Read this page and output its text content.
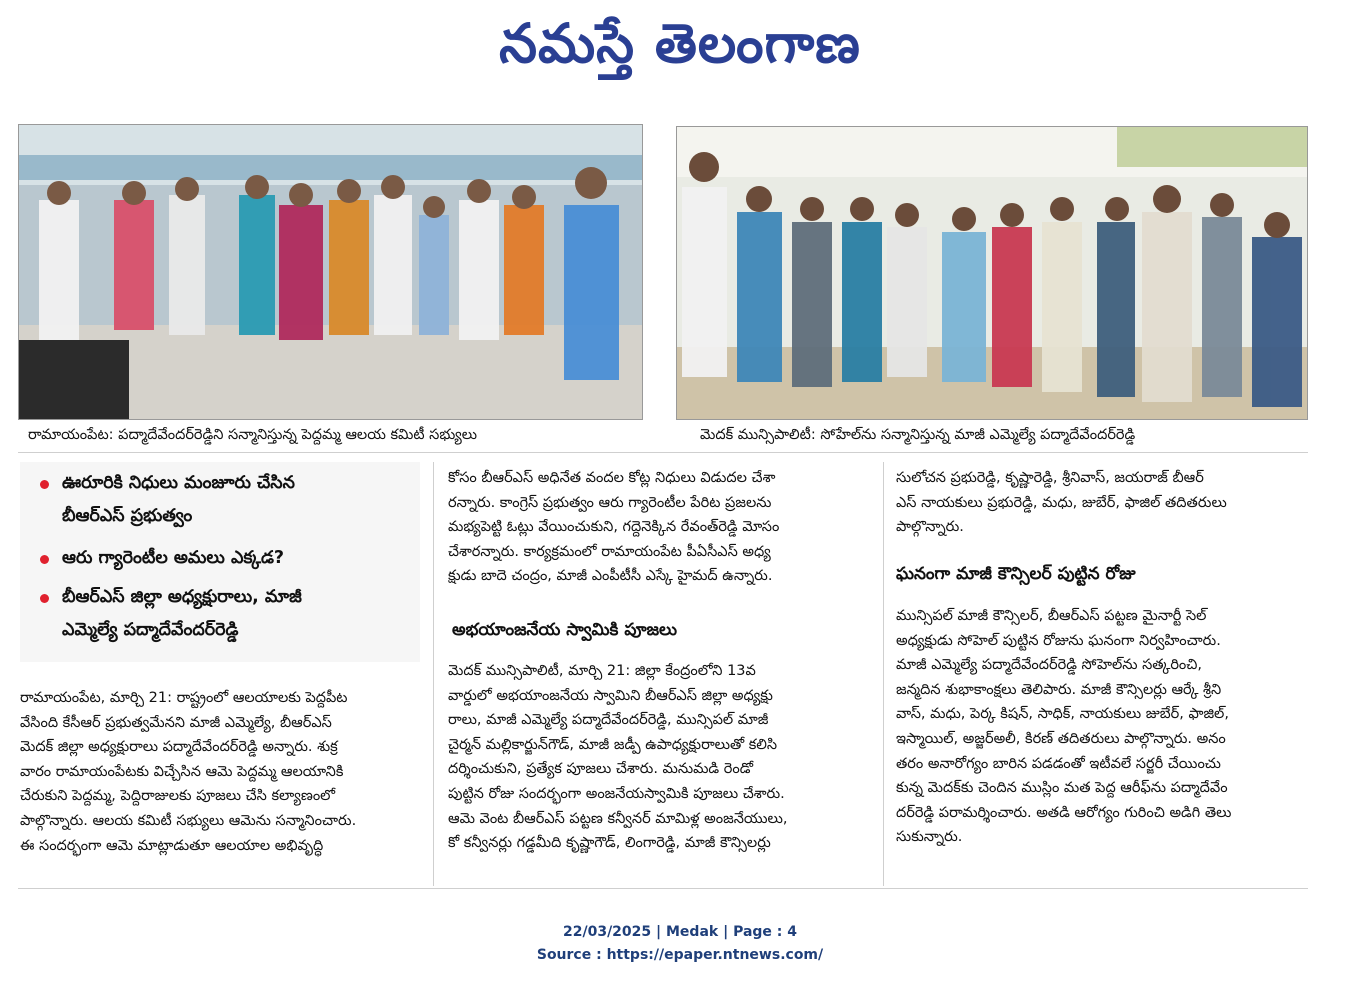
నమస్తే తెలంగాణ
రామాయంపేట: పద్మాదేవేందర్‌రెడ్డిని సన్మానిస్తున్న పెద్దమ్మ ఆలయ కమిటీ సభ్యులు	మెదక్ మున్సిపాలిటీ: సోహేల్‌ను సన్మానిస్తున్న మాజీ ఎమ్మెల్యే పద్మాదేవేందర్‌రెడ్డి
ఊరూరికి నిధులు మంజూరు చేసిన
బీఆర్‌ఎస్ ప్రభుత్వం
ఆరు గ్యారెంటీల అమలు ఎక్కడ?
బీఆర్‌ఎస్ జిల్లా అధ్యక్షురాలు, మాజీ
ఎమ్మెల్యే పద్మాదేవేందర్‌రెడ్డి
రామాయంపేట, మార్చి 21: రాష్ట్రంలో ఆలయాలకు పెద్దపీట
వేసింది కేసీఆర్ ప్రభుత్వమేనని మాజీ ఎమ్మెల్యే, బీఆర్‌ఎస్
మెదక్ జిల్లా అధ్యక్షురాలు పద్మాదేవేందర్‌రెడ్డి అన్నారు. శుక్ర
వారం రామాయంపేటకు విచ్చేసిన ఆమె పెద్దమ్మ ఆలయానికి
చేరుకుని పెద్దమ్మ, పెద్దిరాజులకు పూజలు చేసి కల్యాణంలో
పాల్గొన్నారు. ఆలయ కమిటీ సభ్యులు ఆమెను సన్మానించారు.
ఈ సందర్భంగా ఆమె మాట్లాడుతూ ఆలయాల అభివృద్ధి
కోసం బీఆర్‌ఎస్ అధినేత వందల కోట్ల నిధులు విడుదల చేశా
రన్నారు. కాంగ్రెస్ ప్రభుత్వం ఆరు గ్యారెంటీల పేరిట ప్రజలను
మభ్యపెట్టి ఓట్లు వేయించుకుని, గద్దెనెక్కిన రేవంత్‌రెడ్డి మోసం
చేశారన్నారు. కార్యక్రమంలో రామాయంపేట పీఏసీఎస్ అధ్య
క్షుడు బాదె చంద్రం, మాజీ ఎంపీటీసీ ఎస్కే హైమద్ ఉన్నారు.
అభయాంజనేయ స్వామికి పూజలు
మెదక్ మున్సిపాలిటీ, మార్చి 21: జిల్లా కేంద్రంలోని 13వ
వార్డులో అభయాంజనేయ స్వామిని బీఆర్‌ఎస్ జిల్లా అధ్యక్షు
రాలు, మాజీ ఎమ్మెల్యే పద్మాదేవేందర్‌రెడ్డి, మున్సిపల్ మాజీ
చైర్మన్ మల్లికార్జున్‌గౌడ్, మాజీ జడ్పీ ఉపాధ్యక్షురాలుతో కలిసి
దర్శించుకుని, ప్రత్యేక పూజలు చేశారు. మనుమడి రెండో
పుట్టిన రోజు సందర్భంగా అంజనేయస్వామికి పూజలు చేశారు.
ఆమె వెంట బీఆర్‌ఎస్ పట్టణ కన్వీనర్ మామిళ్ల అంజనేయులు,
కో కన్వీనర్లు గడ్డమీది కృష్ణాగౌడ్, లింగారెడ్డి, మాజీ కౌన్సిలర్లు
సులోచన ప్రభురెడ్డి, కృష్ణారెడ్డి, శ్రీనివాస్, జయరాజ్ బీఆర్
ఎస్ నాయకులు ప్రభురెడ్డి, మధు, జుబేర్, ఫాజిల్ తదితరులు
పాల్గొన్నారు.
ఘనంగా మాజీ కౌన్సిలర్ పుట్టిన రోజు
మున్సిపల్ మాజీ కౌన్సిలర్, బీఆర్‌ఎస్ పట్టణ మైనార్టీ సెల్
అధ్యక్షుడు సోహెల్ పుట్టిన రోజును ఘనంగా నిర్వహించారు.
మాజీ ఎమ్మెల్యే పద్మాదేవేందర్‌రెడ్డి సోహెల్‌ను సత్కరించి,
జన్మదిన శుభాకాంక్షలు తెలిపారు. మాజీ కౌన్సిలర్లు ఆర్కే శ్రీని
వాస్, మధు, పెర్క కిషన్, సాధిక్, నాయకులు జుబేర్, ఫాజిల్,
ఇస్మాయిల్, అజ్జర్‌అలీ, కిరణ్ తదితరులు పాల్గొన్నారు. అనం
తరం అనారోగ్యం బారిన పడడంతో ఇటీవలే సర్జరీ చేయించు
కున్న మెదక్‌కు చెందిన ముస్లిం మత పెద్ద ఆరీఫ్‌ను పద్మాదేవేం
దర్‌రెడ్డి పరామర్శించారు. అతడి ఆరోగ్యం గురించి అడిగి తెలు
సుకున్నారు.
22/03/2025 | Medak | Page : 4
Source : https://epaper.ntnews.com/
